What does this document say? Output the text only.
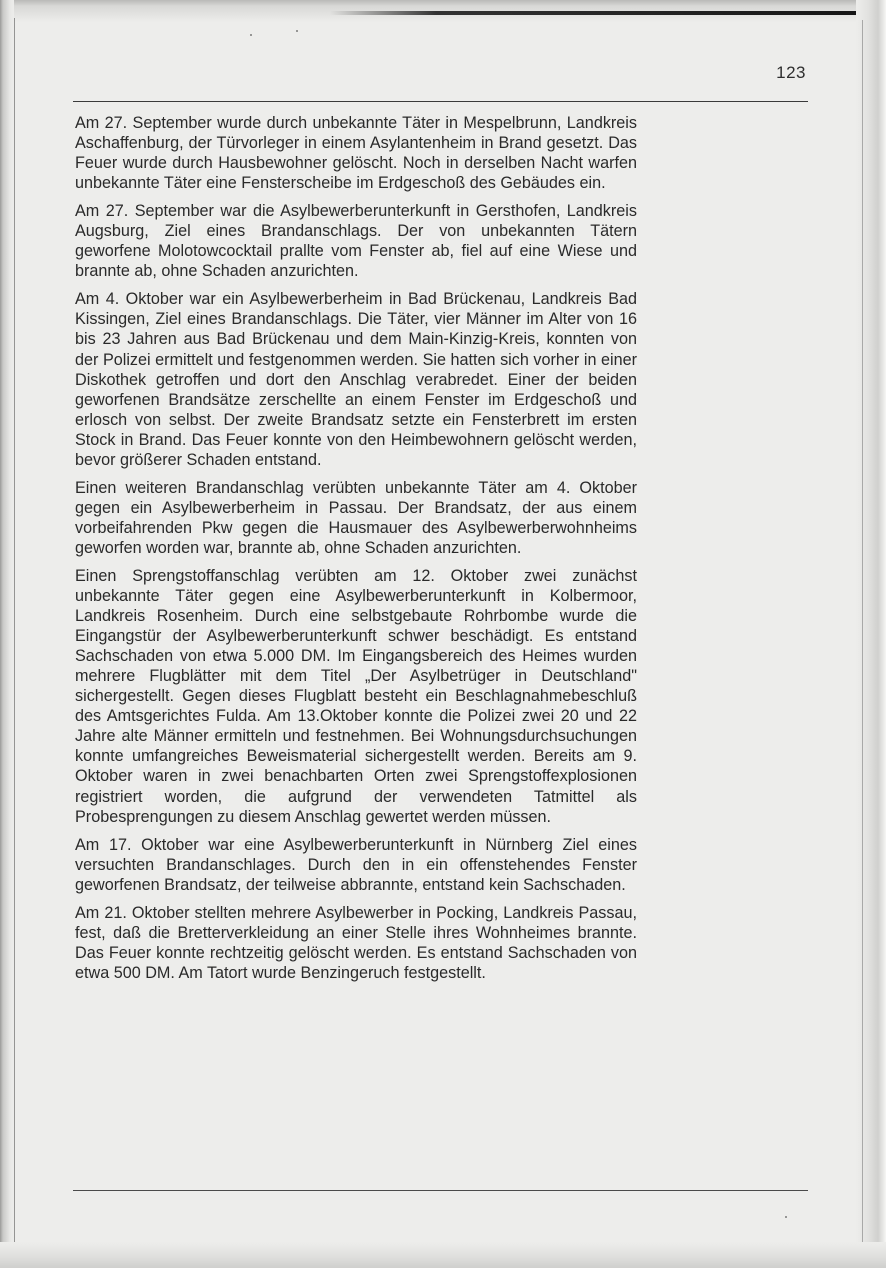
123

Am 27. September wurde durch unbekannte Täter in Mespelbrunn, Landkreis Aschaffenburg, der Türvorleger in einem Asylantenheim in Brand gesetzt. Das Feuer wurde durch Hausbewohner gelöscht. Noch in derselben Nacht warfen unbekannte Täter eine Fensterscheibe im Erdgeschoß des Gebäudes ein.

Am 27. September war die Asylbewerberunterkunft in Gersthofen, Landkreis Augsburg, Ziel eines Brandanschlags. Der von unbekannten Tätern geworfene Molotowcocktail prallte vom Fenster ab, fiel auf eine Wiese und brannte ab, ohne Schaden anzurichten.

Am 4. Oktober war ein Asylbewerberheim in Bad Brückenau, Landkreis Bad Kissingen, Ziel eines Brandanschlags. Die Täter, vier Männer im Alter von 16 bis 23 Jahren aus Bad Brückenau und dem Main-Kinzig-Kreis, konnten von der Polizei ermittelt und festgenommen werden. Sie hatten sich vorher in einer Diskothek getroffen und dort den Anschlag verabredet. Einer der beiden geworfenen Brandsätze zerschellte an einem Fenster im Erdgeschoß und erlosch von selbst. Der zweite Brandsatz setzte ein Fensterbrett im ersten Stock in Brand. Das Feuer konnte von den Heimbewohnern gelöscht werden, bevor größerer Schaden entstand.

Einen weiteren Brandanschlag verübten unbekannte Täter am 4. Oktober gegen ein Asylbewerberheim in Passau. Der Brandsatz, der aus einem vorbeifahrenden Pkw gegen die Hausmauer des Asylbewerberwohnheims geworfen worden war, brannte ab, ohne Schaden anzurichten.

Einen Sprengstoffanschlag verübten am 12. Oktober zwei zunächst unbekannte Täter gegen eine Asylbewerberunterkunft in Kolbermoor, Landkreis Rosenheim. Durch eine selbstgebaute Rohrbombe wurde die Eingangstür der Asylbewerberunterkunft schwer beschädigt. Es entstand Sachschaden von etwa 5.000 DM. Im Eingangsbereich des Heimes wurden mehrere Flugblätter mit dem Titel „Der Asylbetrüger in Deutschland" sichergestellt. Gegen dieses Flugblatt besteht ein Beschlagnahmebeschluß des Amtsgerichtes Fulda. Am 13.Oktober konnte die Polizei zwei 20 und 22 Jahre alte Männer ermitteln und festnehmen. Bei Wohnungsdurchsuchungen konnte umfangreiches Beweismaterial sichergestellt werden. Bereits am 9. Oktober waren in zwei benachbarten Orten zwei Sprengstoffexplosionen registriert worden, die aufgrund der verwendeten Tatmittel als Probesprengungen zu diesem Anschlag gewertet werden müssen.

Am 17. Oktober war eine Asylbewerberunterkunft in Nürnberg Ziel eines versuchten Brandanschlages. Durch den in ein offenstehendes Fenster geworfenen Brandsatz, der teilweise abbrannte, entstand kein Sachschaden.

Am 21. Oktober stellten mehrere Asylbewerber in Pocking, Landkreis Passau, fest, daß die Bretterverkleidung an einer Stelle ihres Wohnheimes brannte. Das Feuer konnte rechtzeitig gelöscht werden. Es entstand Sachschaden von etwa 500 DM. Am Tatort wurde Benzingeruch festgestellt.
